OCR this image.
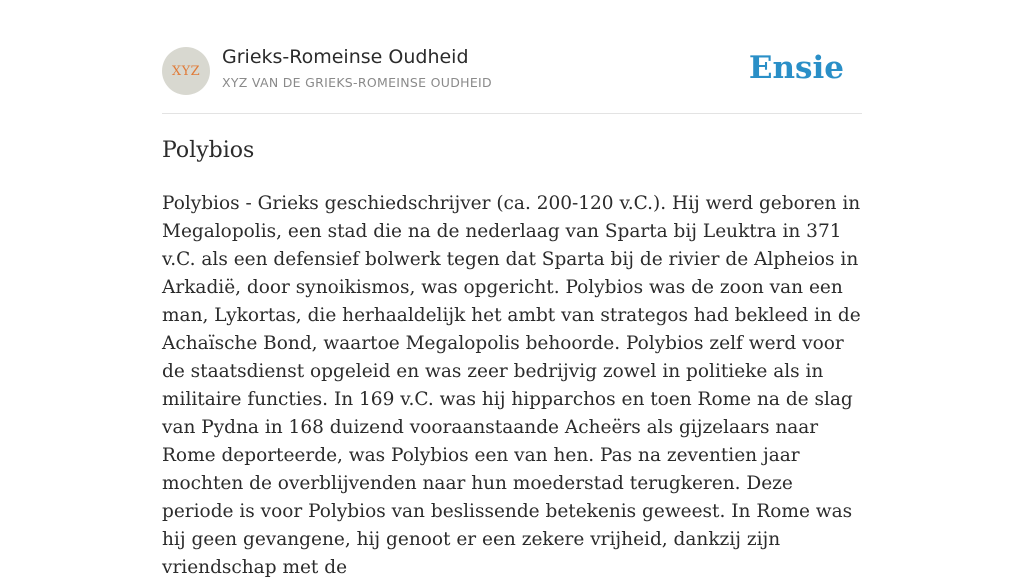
XYZ
Grieks-Romeinse Oudheid
XYZ VAN DE GRIEKS-ROMEINSE OUDHEID	Ensie
Polybios

Polybios - Grieks geschiedschrijver (ca. 200-120 v.C.). Hij werd geboren in Megalopolis, een stad die na de nederlaag van Sparta bij Leuktra in 371 v.C. als een defensief bolwerk tegen dat Sparta bij de rivier de Alpheios in Arkadië, door synoikismos, was opgericht. Polybios was de zoon van een man, Lykortas, die herhaaldelijk het ambt van strategos had bekleed in de Achaïsche Bond, waartoe Megalopolis behoorde. Polybios zelf werd voor de staatsdienst opgeleid en was zeer bedrijvig zowel in politieke als in militaire functies. In 169 v.C. was hij hipparchos en toen Rome na de slag van Pydna in 168 duizend vooraanstaande Acheërs als gijzelaars naar Rome deporteerde, was Polybios een van hen. Pas na zeventien jaar mochten de overblijvenden naar hun moederstad terugkeren. Deze periode is voor Polybios van beslissende betekenis geweest. In Rome was hij geen gevangene, hij genoot er een zekere vrijheid, dankzij zijn vriendschap met de
